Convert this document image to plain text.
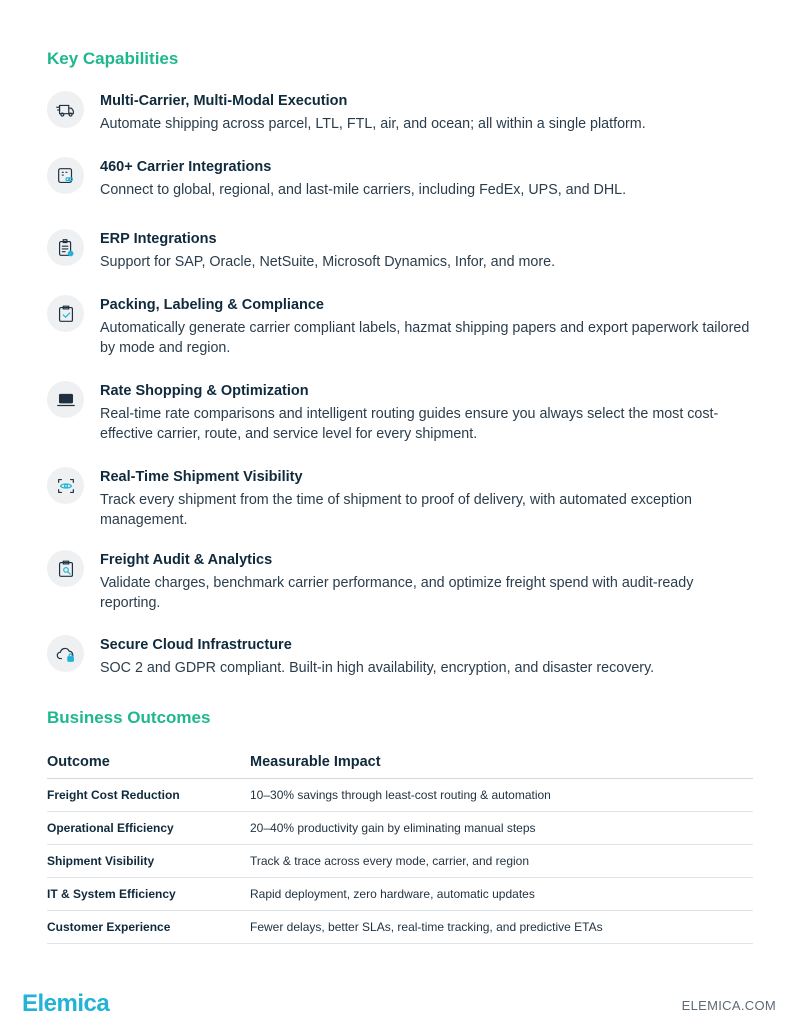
Key Capabilities
Multi-Carrier, Multi-Modal Execution
Automate shipping across parcel, LTL, FTL, air, and ocean; all within a single platform.
460+ Carrier Integrations
Connect to global, regional, and last-mile carriers, including FedEx, UPS, and DHL.
ERP Integrations
Support for SAP, Oracle, NetSuite, Microsoft Dynamics, Infor, and more.
Packing, Labeling & Compliance
Automatically generate carrier compliant labels, hazmat shipping papers and export paperwork tailored by mode and region.
Rate Shopping & Optimization
Real-time rate comparisons and intelligent routing guides ensure you always select the most cost-effective carrier, route, and service level for every shipment.
Real-Time Shipment Visibility
Track every shipment from the time of shipment to proof of delivery, with automated exception management.
Freight Audit & Analytics
Validate charges, benchmark carrier performance, and optimize freight spend with audit-ready reporting.
Secure Cloud Infrastructure
SOC 2 and GDPR compliant. Built-in high availability, encryption, and disaster recovery.
Business Outcomes
Outcome	Measurable Impact
Freight Cost Reduction	10–30% savings through least-cost routing & automation
Operational Efficiency	20–40% productivity gain by eliminating manual steps
Shipment Visibility	Track & trace across every mode, carrier, and region
IT & System Efficiency	Rapid deployment, zero hardware, automatic updates
Customer Experience	Fewer delays, better SLAs, real-time tracking, and predictive ETAs
Elemica	ELEMICA.COM
